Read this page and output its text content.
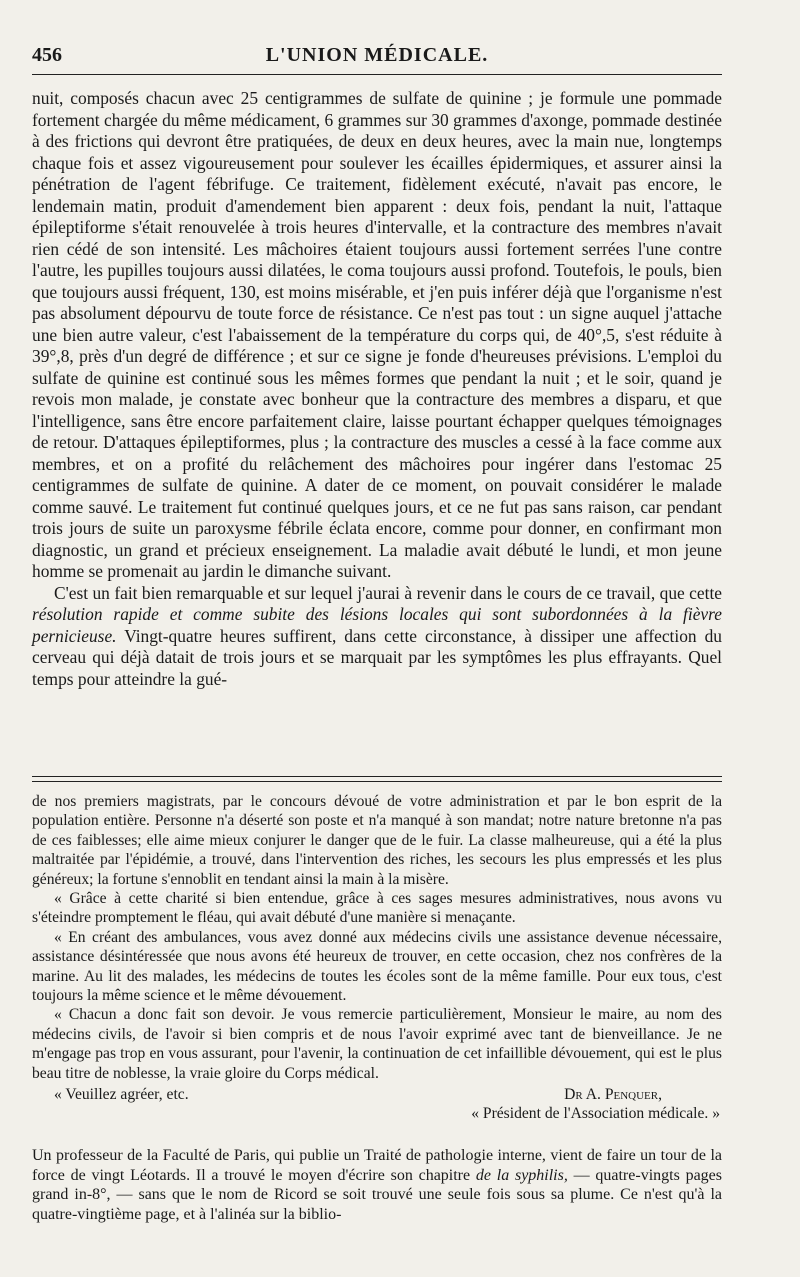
456	L'UNION MÉDICALE.

nuit, composés chacun avec 25 centigrammes de sulfate de quinine ; je formule une pommade fortement chargée du même médicament, 6 grammes sur 30 grammes d'axonge, pommade destinée à des frictions qui devront être pratiquées, de deux en deux heures, avec la main nue, longtemps chaque fois et assez vigoureusement pour soulever les écailles épidermiques, et assurer ainsi la pénétration de l'agent fébrifuge. Ce traitement, fidèlement exécuté, n'avait pas encore, le lendemain matin, produit d'amendement bien apparent : deux fois, pendant la nuit, l'attaque épileptiforme s'était renouvelée à trois heures d'intervalle, et la contracture des membres n'avait rien cédé de son intensité. Les mâchoires étaient toujours aussi fortement serrées l'une contre l'autre, les pupilles toujours aussi dilatées, le coma toujours aussi profond. Toutefois, le pouls, bien que toujours aussi fréquent, 130, est moins misérable, et j'en puis inférer déjà que l'organisme n'est pas absolument dépourvu de toute force de résistance. Ce n'est pas tout : un signe auquel j'attache une bien autre valeur, c'est l'abaissement de la température du corps qui, de 40°,5, s'est réduite à 39°,8, près d'un degré de différence ; et sur ce signe je fonde d'heureuses prévisions. L'emploi du sulfate de quinine est continué sous les mêmes formes que pendant la nuit ; et le soir, quand je revois mon malade, je constate avec bonheur que la contracture des membres a disparu, et que l'intelligence, sans être encore parfaitement claire, laisse pourtant échapper quelques témoignages de retour. D'attaques épileptiformes, plus ; la contracture des muscles a cessé à la face comme aux membres, et on a profité du relâchement des mâchoires pour ingérer dans l'estomac 25 centigrammes de sulfate de quinine. A dater de ce moment, on pouvait considérer le malade comme sauvé. Le traitement fut continué quelques jours, et ce ne fut pas sans raison, car pendant trois jours de suite un paroxysme fébrile éclata encore, comme pour donner, en confirmant mon diagnostic, un grand et précieux enseignement. La maladie avait débuté le lundi, et mon jeune homme se promenait au jardin le dimanche suivant.

C'est un fait bien remarquable et sur lequel j'aurai à revenir dans le cours de ce travail, que cette résolution rapide et comme subite des lésions locales qui sont subordonnées à la fièvre pernicieuse. Vingt-quatre heures suffirent, dans cette circonstance, à dissiper une affection du cerveau qui déjà datait de trois jours et se marquait par les symptômes les plus effrayants. Quel temps pour atteindre la gué-

de nos premiers magistrats, par le concours dévoué de votre administration et par le bon esprit de la population entière. Personne n'a déserté son poste et n'a manqué à son mandat; notre nature bretonne n'a pas de ces faiblesses; elle aime mieux conjurer le danger que de le fuir. La classe malheureuse, qui a été la plus maltraitée par l'épidémie, a trouvé, dans l'intervention des riches, les secours les plus empressés et les plus généreux; la fortune s'ennoblit en tendant ainsi la main à la misère.

« Grâce à cette charité si bien entendue, grâce à ces sages mesures administratives, nous avons vu s'éteindre promptement le fléau, qui avait débuté d'une manière si menaçante.

« En créant des ambulances, vous avez donné aux médecins civils une assistance devenue nécessaire, assistance désintéressée que nous avons été heureux de trouver, en cette occasion, chez nos confrères de la marine. Au lit des malades, les médecins de toutes les écoles sont de la même famille. Pour eux tous, c'est toujours la même science et le même dévouement.

« Chacun a donc fait son devoir. Je vous remercie particulièrement, Monsieur le maire, au nom des médecins civils, de l'avoir si bien compris et de nous l'avoir exprimé avec tant de bienveillance. Je ne m'engage pas trop en vous assurant, pour l'avenir, la continuation de cet infaillible dévouement, qui est le plus beau titre de noblesse, la vraie gloire du Corps médical.

« Veuillez agréer, etc.	Dr A. Penquer,
« Président de l'Association médicale. »

Un professeur de la Faculté de Paris, qui publie un Traité de pathologie interne, vient de faire un tour de la force de vingt Léotards. Il a trouvé le moyen d'écrire son chapitre de la syphilis, — quatre-vingts pages grand in-8°, — sans que le nom de Ricord se soit trouvé une seule fois sous sa plume. Ce n'est qu'à la quatre-vingtième page, et à l'alinéa sur la biblio-
